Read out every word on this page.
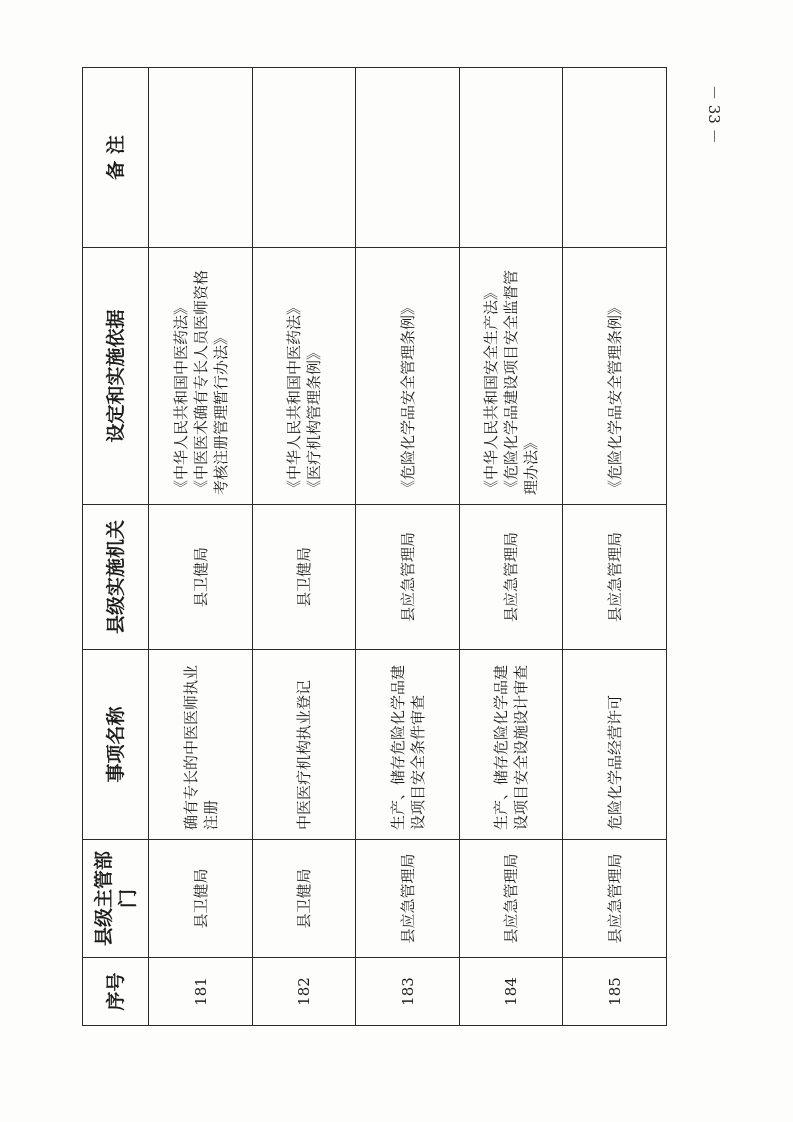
序号	县级主管部门	事项名称	县级实施机关	设定和实施依据	备 注
181	县卫健局	确有专长的中医医师执业注册	县卫健局	《中华人民共和国中医药法》 《中医医术确有专长人员医师资格考核注册管理暂行办法》	
182	县卫健局	中医医疗机构执业登记	县卫健局	《中华人民共和国中医药法》 《医疗机构管理条例》	
183	县应急管理局	生产、储存危险化学品建设项目安全条件审查	县应急管理局	《危险化学品安全管理条例》	
184	县应急管理局	生产、储存危险化学品建设项目安全设施设计审查	县应急管理局	《中华人民共和国安全生产法》 《危险化学品建设项目安全监督管理办法》	
185	县应急管理局	危险化学品经营许可	县应急管理局	《危险化学品安全管理条例》	
－ 33 －
